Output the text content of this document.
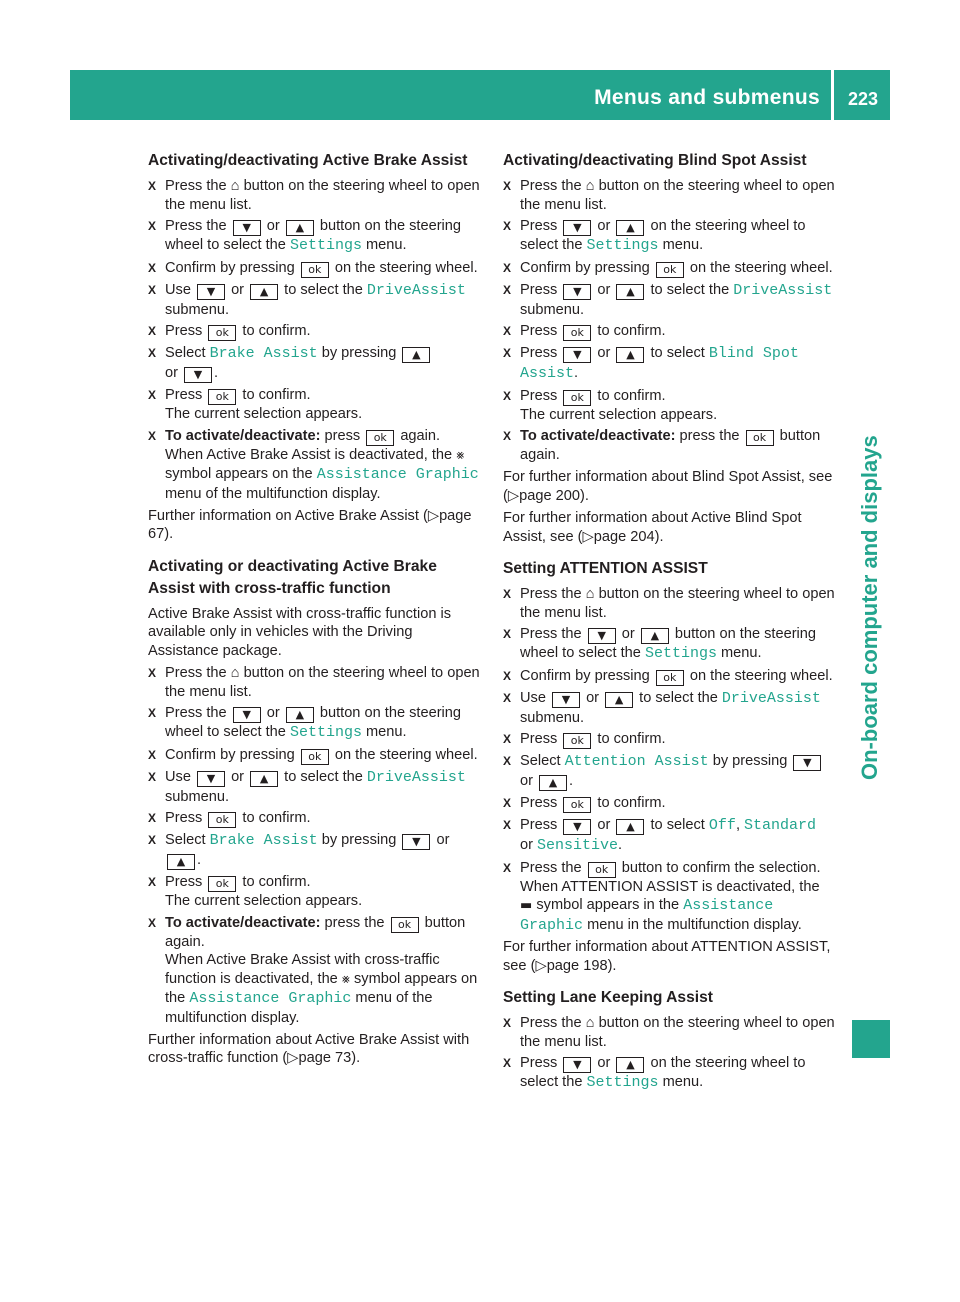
Menus and submenus 223
On-board computer and displays
Activating/deactivating Active Brake Assist
X Press the ⌂ button on the steering wheel to open the menu list.
X Press the ▼ or ▲ button on the steering wheel to select the Settings menu.
X Confirm by pressing ok on the steering wheel.
X Use ▼ or ▲ to select the DriveAssist submenu.
X Press ok to confirm.
X Select Brake Assist by pressing ▲
or ▼ .
X Press ok to confirm.
The current selection appears.
X To activate/deactivate: press ok again.
When Active Brake Assist is deactivated, the ⨳ symbol appears on the Assistance Graphic menu of the multifunction display.

Further information on Active Brake Assist (▷page 67).

Activating or deactivating Active Brake Assist with cross-traffic function

Active Brake Assist with cross-traffic function is available only in vehicles with the Driving Assistance package.

X Press the ⌂ button on the steering wheel to open the menu list.
X Press the ▼ or ▲ button on the steering wheel to select the Settings menu.
X Confirm by pressing ok on the steering wheel.
X Use ▼ or ▲ to select the DriveAssist submenu.
X Press ok to confirm.
X Select Brake Assist by pressing ▼ or
▲ .
X Press ok to confirm.
The current selection appears.
X To activate/deactivate: press the ok button again.
When Active Brake Assist with cross-traffic function is deactivated, the ⨳ symbol appears on the Assistance Graphic menu of the multifunction display.

Further information about Active Brake Assist with cross-traffic function (▷page 73).

Activating/deactivating Blind Spot Assist
X Press the ⌂ button on the steering wheel to open the menu list.
X Press ▼ or ▲ on the steering wheel to select the Settings menu.
X Confirm by pressing ok on the steering wheel.
X Press ▼ or ▲ to select the DriveAssist submenu.
X Press ok to confirm.
X Press ▼ or ▲ to select Blind Spot Assist.
X Press ok to confirm.
The current selection appears.
X To activate/deactivate: press the ok button again.

For further information about Blind Spot Assist, see (▷page 200).

For further information about Active Blind Spot Assist, see (▷page 204).

Setting ATTENTION ASSIST
X Press the ⌂ button on the steering wheel to open the menu list.
X Press the ▼ or ▲ button on the steering wheel to select the Settings menu.
X Confirm by pressing ok on the steering wheel.
X Use ▼ or ▲ to select the DriveAssist submenu.
X Press ok to confirm.
X Select Attention Assist by pressing ▼
or ▲ .
X Press ok to confirm.
X Press ▼ or ▲ to select Off, Standard
or Sensitive.
X Press the ok button to confirm the selection.
When ATTENTION ASSIST is deactivated, the ▬ symbol appears in the Assistance Graphic menu in the multifunction display.

For further information about ATTENTION ASSIST, see (▷page 198).

Setting Lane Keeping Assist
X Press the ⌂ button on the steering wheel to open the menu list.
X Press ▼ or ▲ on the steering wheel to select the Settings menu.
